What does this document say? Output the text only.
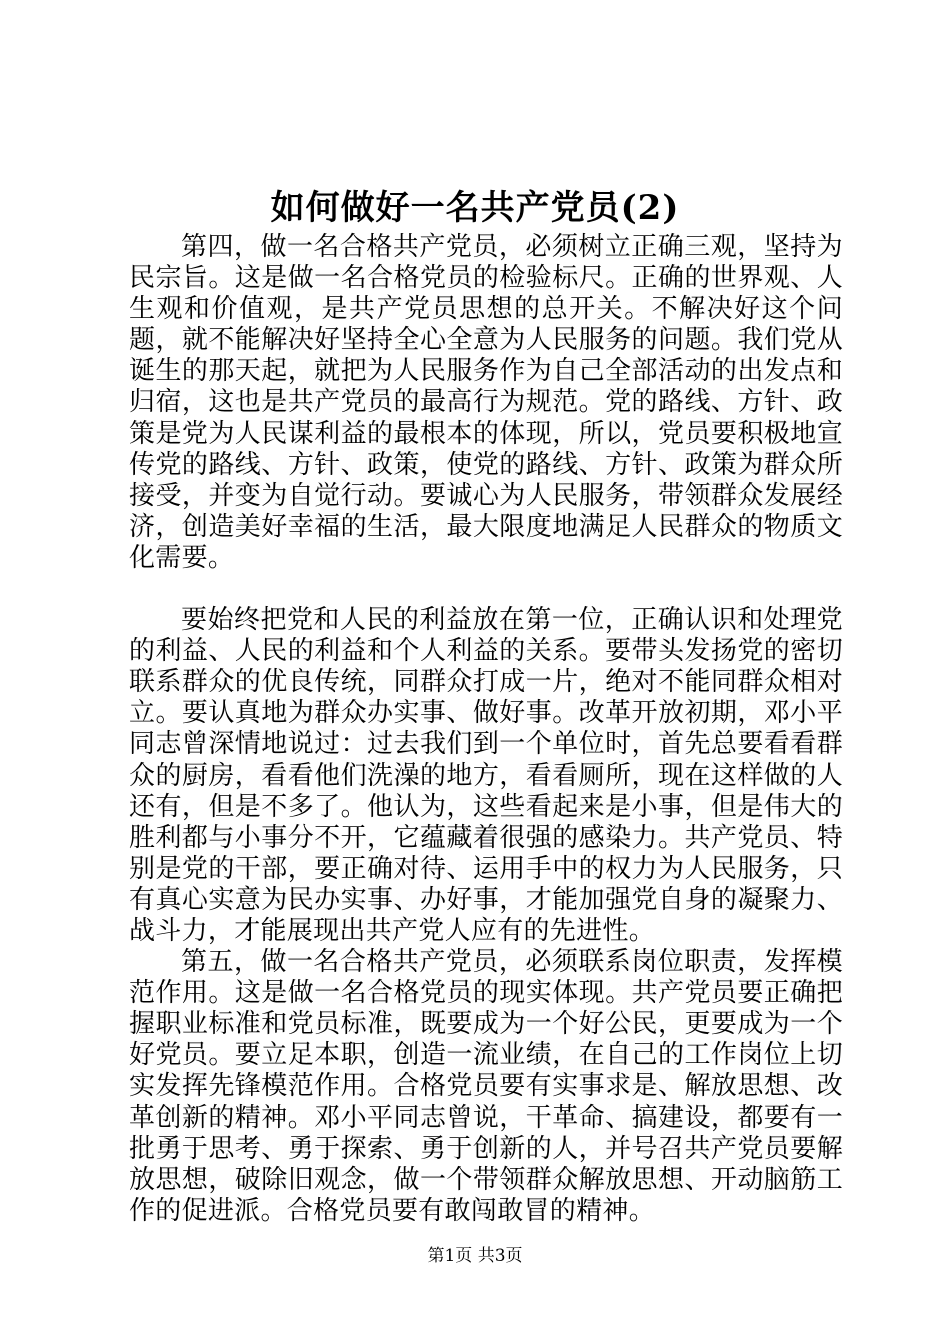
如何做好一名共产党员(2)

第四，做一名合格共产党员，必须树立正确三观，坚持为民宗旨。这是做一名合格党员的检验标尺。正确的世界观、人生观和价值观，是共产党员思想的总开关。不解决好这个问题，就不能解决好坚持全心全意为人民服务的问题。我们党从诞生的那天起，就把为人民服务作为自己全部活动的出发点和归宿，这也是共产党员的最高行为规范。党的路线、方针、政策是党为人民谋利益的最根本的体现，所以，党员要积极地宣传党的路线、方针、政策，使党的路线、方针、政策为群众所接受，并变为自觉行动。要诚心为人民服务，带领群众发展经济，创造美好幸福的生活，最大限度地满足人民群众的物质文化需要。

要始终把党和人民的利益放在第一位，正确认识和处理党的利益、人民的利益和个人利益的关系。要带头发扬党的密切联系群众的优良传统，同群众打成一片，绝对不能同群众相对立。要认真地为群众办实事、做好事。改革开放初期，邓小平同志曾深情地说过：过去我们到一个单位时，首先总要看看群众的厨房，看看他们洗澡的地方，看看厕所，现在这样做的人还有，但是不多了。他认为，这些看起来是小事，但是伟大的胜利都与小事分不开，它蕴藏着很强的感染力。共产党员、特别是党的干部，要正确对待、运用手中的权力为人民服务，只有真心实意为民办实事、办好事，才能加强党自身的凝聚力、战斗力，才能展现出共产党人应有的先进性。

第五，做一名合格共产党员，必须联系岗位职责，发挥模范作用。这是做一名合格党员的现实体现。共产党员要正确把握职业标准和党员标准，既要成为一个好公民，更要成为一个好党员。要立足本职，创造一流业绩，在自己的工作岗位上切实发挥先锋模范作用。合格党员要有实事求是、解放思想、改革创新的精神。邓小平同志曾说，干革命、搞建设，都要有一批勇于思考、勇于探索、勇于创新的人，并号召共产党员要解放思想，破除旧观念，做一个带领群众解放思想、开动脑筋工作的促进派。合格党员要有敢闯敢冒的精神。

第1页 共3页
